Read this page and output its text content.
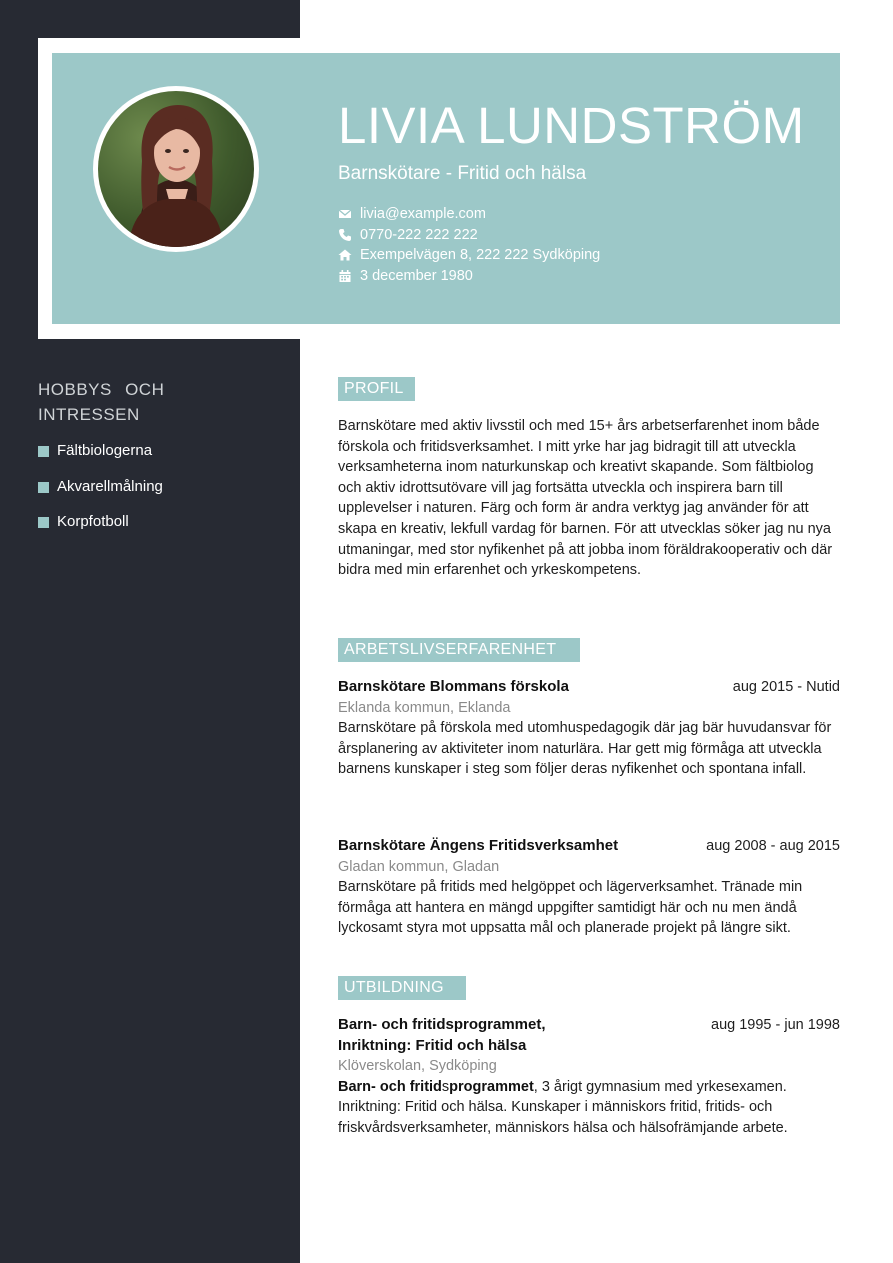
LIVIA LUNDSTRÖM
Barnskötare - Fritid och hälsa
livia@example.com
0770-222 222 222
Exempelvägen 8, 222 222 Sydköping
3 december 1980
HOBBYS OCH INTRESSEN
Fältbiologerna
Akvarellmålning
Korpfotboll
PROFIL

Barnskötare med aktiv livsstil och med 15+ års arbetserfarenhet inom både förskola och fritidsverksamhet. I mitt yrke har jag bidragit till att utveckla verksamheterna inom naturkunskap och kreativt skapande. Som fältbiolog och aktiv idrottsutövare vill jag fortsätta utveckla och inspirera barn till upplevelser i naturen. Färg och form är andra verktyg jag använder för att skapa en kreativ, lekfull vardag för barnen. För att utvecklas söker jag nu nya utmaningar, med stor nyfikenhet på att jobba inom föräldrakooperativ och där bidra med min erfarenhet och yrkeskompetens.

ARBETSLIVSERFARENHET
Barnskötare Blommans förskola	aug 2015 - Nutid
Eklanda kommun, Eklanda

Barnskötare på förskola med utomhuspedagogik där jag bär huvudansvar för årsplanering av aktiviteter inom naturlära. Har gett mig förmåga att utveckla barnens kunskaper i steg som följer deras nyfikenhet och spontana infall.

Barnskötare Ängens Fritidsverksamhet	aug 2008 - aug 2015
Gladan kommun, Gladan

Barnskötare på fritids med helgöppet och lägerverksamhet. Tränade min förmåga att hantera en mängd uppgifter samtidigt här och nu men ändå lyckosamt styra mot uppsatta mål och planerade projekt på längre sikt.

UTBILDNING
Barn- och fritidsprogrammet,
Inriktning: Fritid och hälsa
aug 1995 - jun 1998
Klöverskolan, Sydköping

Barn- och fritidsprogrammet, 3 årigt gymnasium med yrkesexamen. Inriktning: Fritid och hälsa. Kunskaper i människors fritid, fritids- och friskvårdsverksamheter, människors hälsa och hälsofrämjande arbete.
